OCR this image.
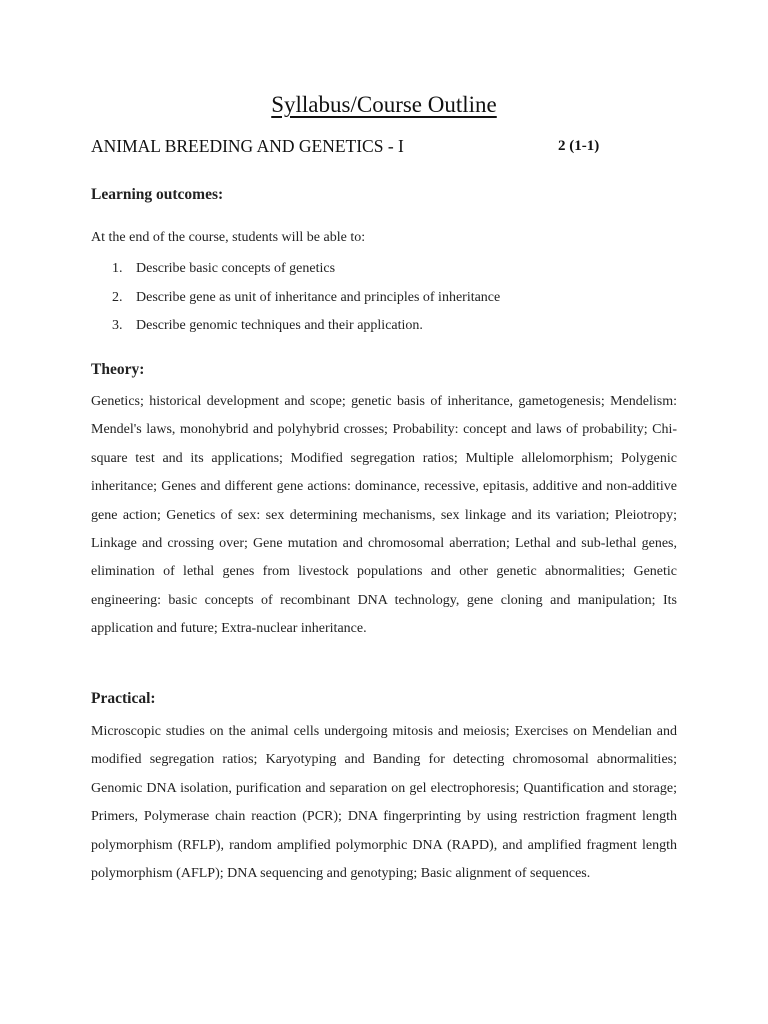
Syllabus/Course Outline
ANIMAL BREEDING AND GENETICS - I	2 (1-1)
Learning outcomes:
At the end of the course, students will be able to:
1. Describe basic concepts of genetics
2. Describe gene as unit of inheritance and principles of inheritance
3. Describe genomic techniques and their application.
Theory:
Genetics; historical development and scope; genetic basis of inheritance, gametogenesis; Mendelism: Mendel's laws, monohybrid and polyhybrid crosses; Probability: concept and laws of probability; Chi-square test and its applications; Modified segregation ratios; Multiple allelomorphism; Polygenic inheritance; Genes and different gene actions: dominance, recessive, epitasis, additive and non-additive gene action; Genetics of sex: sex determining mechanisms, sex linkage and its variation; Pleiotropy; Linkage and crossing over; Gene mutation and chromosomal aberration; Lethal and sub-lethal genes, elimination of lethal genes from livestock populations and other genetic abnormalities; Genetic engineering: basic concepts of recombinant DNA technology, gene cloning and manipulation; Its application and future; Extra-nuclear inheritance.
Practical:
Microscopic studies on the animal cells undergoing mitosis and meiosis; Exercises on Mendelian and modified segregation ratios; Karyotyping and Banding for detecting chromosomal abnormalities; Genomic DNA isolation, purification and separation on gel electrophoresis; Quantification and storage; Primers, Polymerase chain reaction (PCR); DNA fingerprinting by using restriction fragment length polymorphism (RFLP), random amplified polymorphic DNA (RAPD), and amplified fragment length polymorphism (AFLP); DNA sequencing and genotyping; Basic alignment of sequences.
